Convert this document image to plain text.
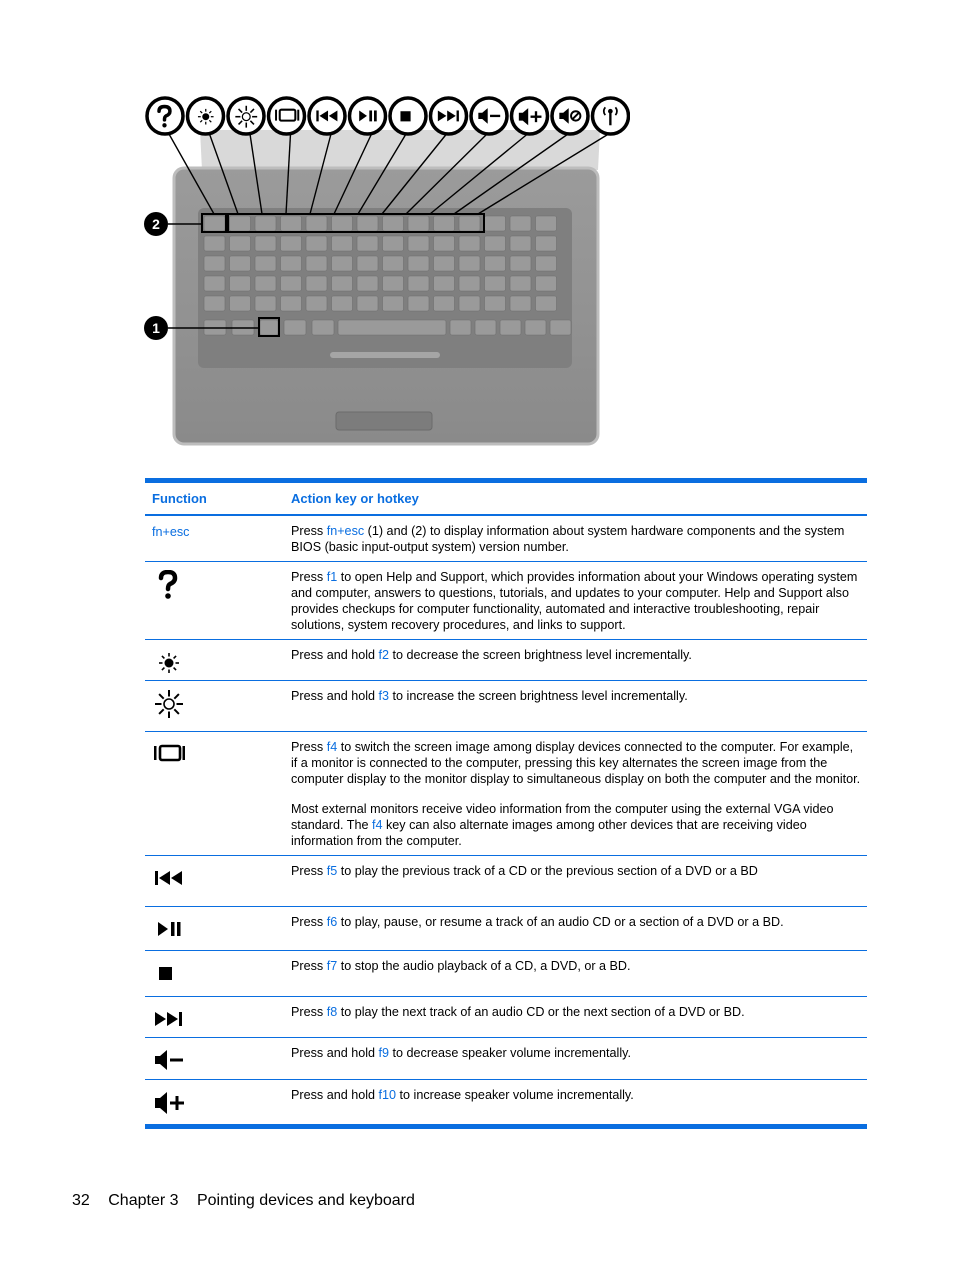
2
1
Function	Action key or hotkey
fn+esc	Press fn+esc (1) and (2) to display information about system hardware components and the system BIOS (basic input-output system) version number.
Press f1 to open Help and Support, which provides information about your Windows operating system and computer, answers to questions, tutorials, and updates to your computer. Help and Support also provides checkups for computer functionality, automated and interactive troubleshooting, repair solutions, system recovery procedures, and links to support.
Press and hold f2 to decrease the screen brightness level incrementally.
Press and hold f3 to increase the screen brightness level incrementally.
Press f4 to switch the screen image among display devices connected to the computer. For example, if a monitor is connected to the computer, pressing this key alternates the screen image from the computer display to the monitor display to simultaneous display on both the computer and the monitor.
Most external monitors receive video information from the computer using the external VGA video standard. The f4 key can also alternate images among other devices that are receiving video information from the computer.
Press f5 to play the previous track of a CD or the previous section of a DVD or a BD
Press f6 to play, pause, or resume a track of an audio CD or a section of a DVD or a BD.
Press f7 to stop the audio playback of a CD, a DVD, or a BD.
Press f8 to play the next track of an audio CD or the next section of a DVD or BD.
Press and hold f9 to decrease speaker volume incrementally.
Press and hold f10 to increase speaker volume incrementally.
32 Chapter 3 Pointing devices and keyboard
